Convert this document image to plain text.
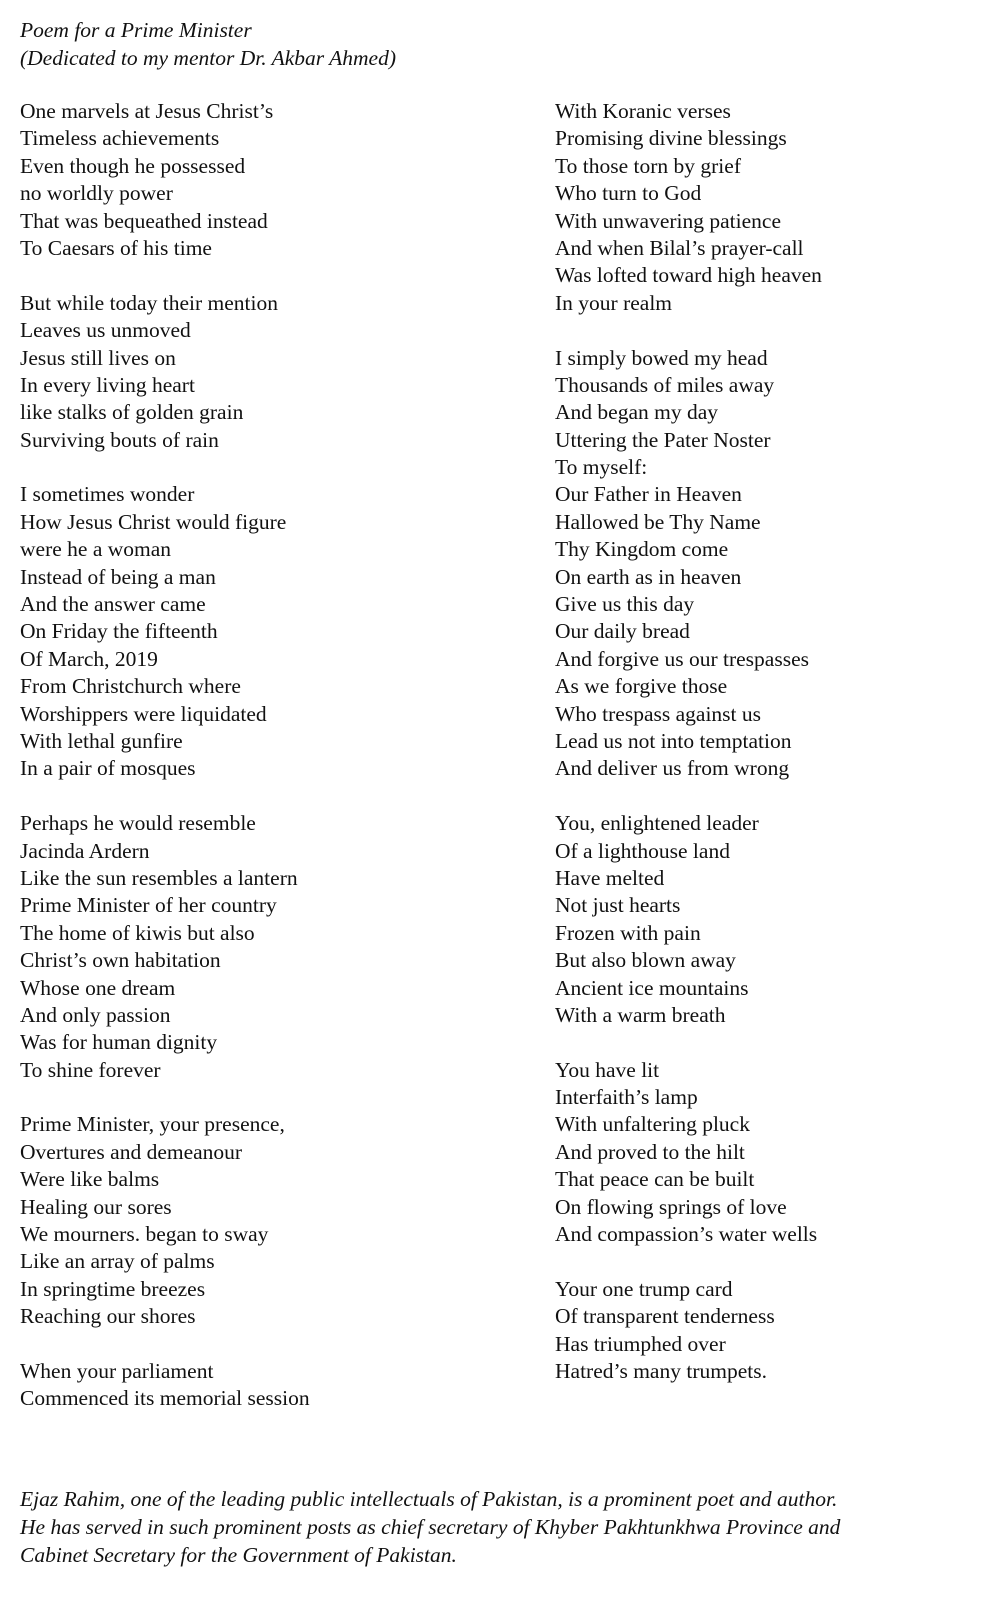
Poem for a Prime Minister
(Dedicated to my mentor Dr. Akbar Ahmed)
One marvels at Jesus Christ’s
Timeless achievements
Even though he possessed
no worldly power
That was bequeathed instead
To Caesars of his time
But while today their mention
Leaves us unmoved
Jesus still lives on
In every living heart
like stalks of golden grain
Surviving bouts of rain
I sometimes wonder
How Jesus Christ would figure
were he a woman
Instead of being a man
And the answer came
On Friday the fifteenth
Of March, 2019
From Christchurch where
Worshippers were liquidated
With lethal gunfire
In a pair of mosques
Perhaps he would resemble
Jacinda Ardern
Like the sun resembles a lantern
Prime Minister of her country
The home of kiwis but also
Christ’s own habitation
Whose one dream
And only passion
Was for human dignity
To shine forever
Prime Minister, your presence,
Overtures and demeanour
Were like balms
Healing our sores
We mourners. began to sway
Like an array of palms
In springtime breezes
Reaching our shores
When your parliament
Commenced its memorial session
With Koranic verses
Promising divine blessings
To those torn by grief
Who turn to God
With unwavering patience
And when Bilal’s prayer-call
Was lofted toward high heaven
In your realm
I simply bowed my head
Thousands of miles away
And began my day
Uttering the Pater Noster
To myself:
Our Father in Heaven
Hallowed be Thy Name
Thy Kingdom come
On earth as in heaven
Give us this day
Our daily bread
And forgive us our trespasses
As we forgive those
Who trespass against us
Lead us not into temptation
And deliver us from wrong
You, enlightened leader
Of a lighthouse land
Have melted
Not just hearts
Frozen with pain
But also blown away
Ancient ice mountains
With a warm breath
You have lit
Interfaith’s lamp
With unfaltering pluck
And proved to the hilt
That peace can be built
On flowing springs of love
And compassion’s water wells
Your one trump card
Of transparent tenderness
Has triumphed over
Hatred’s many trumpets.
Ejaz Rahim, one of the leading public intellectuals of Pakistan, is a prominent poet and author.
He has served in such prominent posts as chief secretary of Khyber Pakhtunkhwa Province and
Cabinet Secretary for the Government of Pakistan.
